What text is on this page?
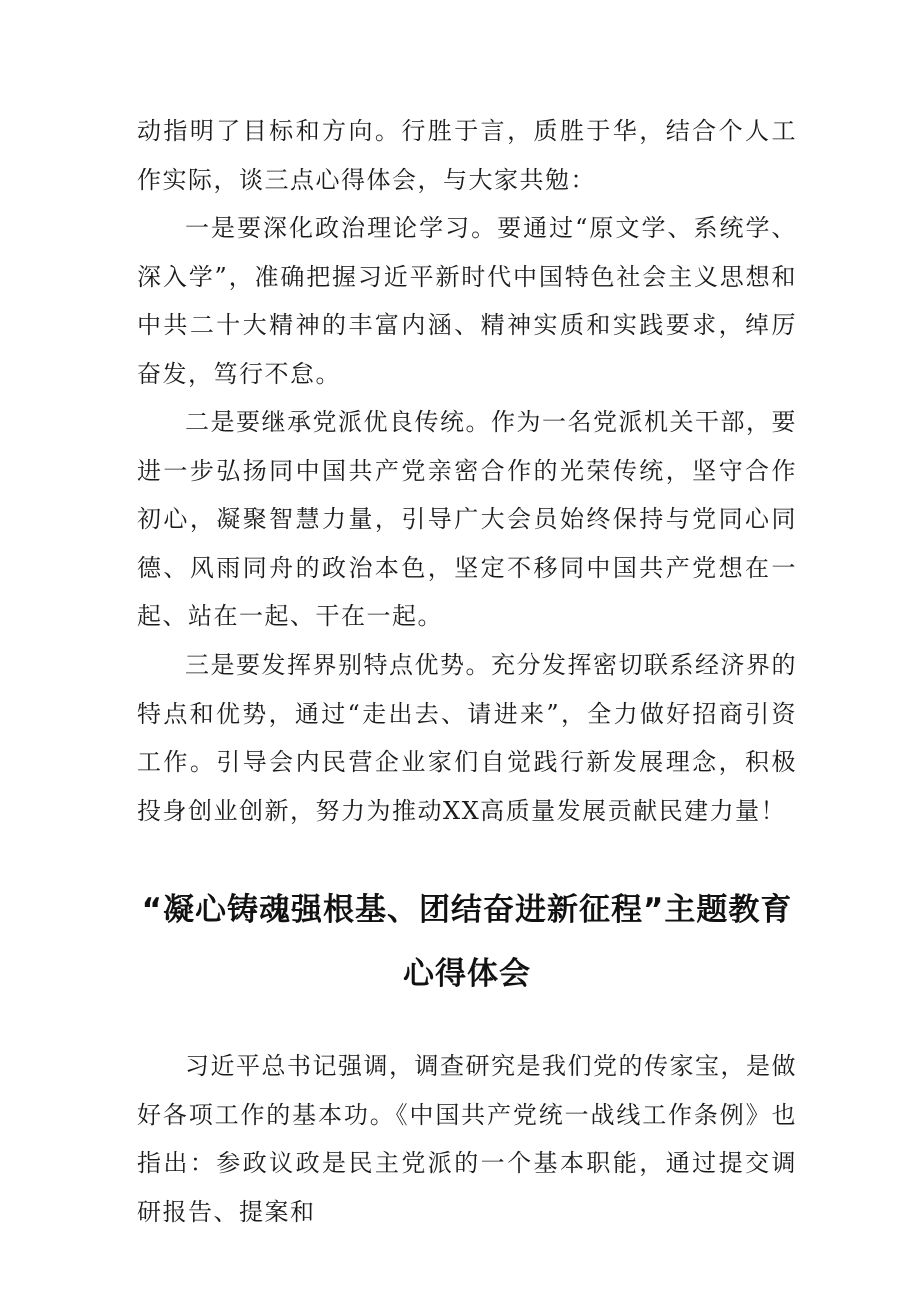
动指明了目标和方向。行胜于言，质胜于华，结合个人工作实际，谈三点心得体会，与大家共勉：

一是要深化政治理论学习。要通过“原文学、系统学、深入学”，准确把握习近平新时代中国特色社会主义思想和中共二十大精神的丰富内涵、精神实质和实践要求，绰厉奋发，笃行不怠。

二是要继承党派优良传统。作为一名党派机关干部，要进一步弘扬同中国共产党亲密合作的光荣传统，坚守合作初心，凝聚智慧力量，引导广大会员始终保持与党同心同德、风雨同舟的政治本色，坚定不移同中国共产党想在一起、站在一起、干在一起。

三是要发挥界别特点优势。充分发挥密切联系经济界的特点和优势，通过“走出去、请进来”，全力做好招商引资工作。引导会内民营企业家们自觉践行新发展理念，积极投身创业创新，努力为推动XX高质量发展贡献民建力量！

“凝心铸魂强根基、团结奋进新征程”主题教育心得体会

习近平总书记强调，调查研究是我们党的传家宝，是做好各项工作的基本功。《中国共产党统一战线工作条例》也指出：参政议政是民主党派的一个基本职能，通过提交调研报告、提案和
